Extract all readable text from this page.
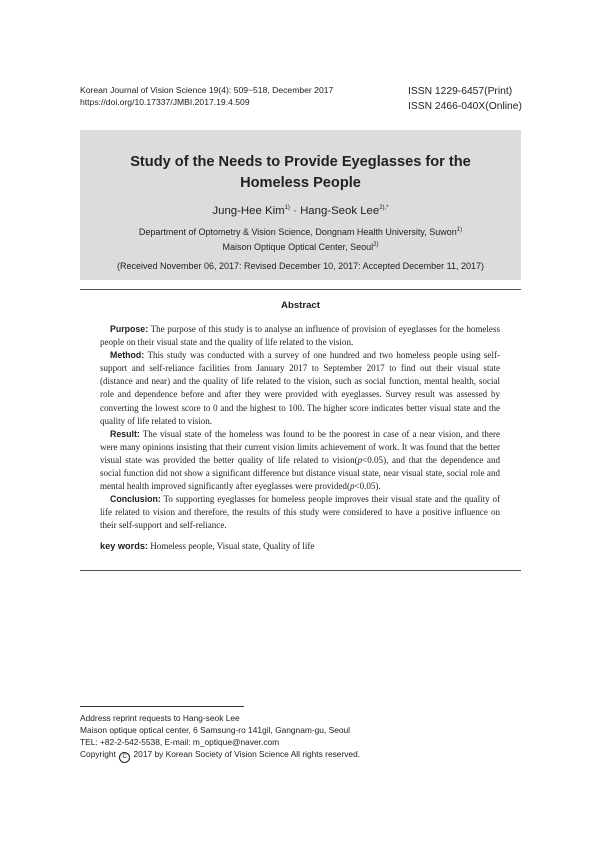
Korean Journal of Vision Science 19(4): 509~518, December 2017
https://doi.org/10.17337/JMBI.2017.19.4.509
ISSN 1229-6457(Print)
ISSN 2466-040X(Online)
Study of the Needs to Provide Eyeglasses for the
Homeless People
Jung-Hee Kim$^{1)}$ · Hang-Seok Lee$^{2),*}$
Department of Optometry & Vision Science, Dongnam Health University, Suwon$^{1)}$
Maison Optique Optical Center, Seoul$^{2)}$
(Received November 06, 2017: Revised December 10, 2017: Accepted December 11, 2017)
Abstract

Purpose: The purpose of this study is to analyse an influence of provision of eyeglasses for the homeless people on their visual state and the quality of life related to the vision.

Method: This study was conducted with a survey of one hundred and two homeless people using self-support and self-reliance facilities from January 2017 to September 2017 to find out their visual state (distance and near) and the quality of life related to the vision, such as social function, mental health, social role and dependence before and after they were provided with eyeglasses. Survey result was assessed by converting the lowest score to 0 and the highest to 100. The higher score indicates better visual state and the quality of life related to vision.

Result: The visual state of the homeless was found to be the poorest in case of a near vision, and there were many opinions insisting that their current vision limits achievement of work. It was found that the better visual state was provided the better quality of life related to vision(p<0.05), and that the dependence and social function did not show a significant difference but distance visual state, near visual state, social role and mental health improved significantly after eyeglasses were provided(p<0.05).

Conclusion: To supporting eyeglasses for homeless people improves their visual state and the quality of life related to vision and therefore, the results of this study were considered to have a positive influence on their self-support and self-reliance.

key words: Homeless people, Visual state, Quality of life

Address reprint requests to Hang-seok Lee
Maison optique optical center, 6 Samsung-ro 141gil, Gangnam-gu, Seoul
TEL: +82-2-542-5538, E-mail: m_optique@naver.com
Copyright C 2017 by Korean Society of Vision Science All rights reserved.
